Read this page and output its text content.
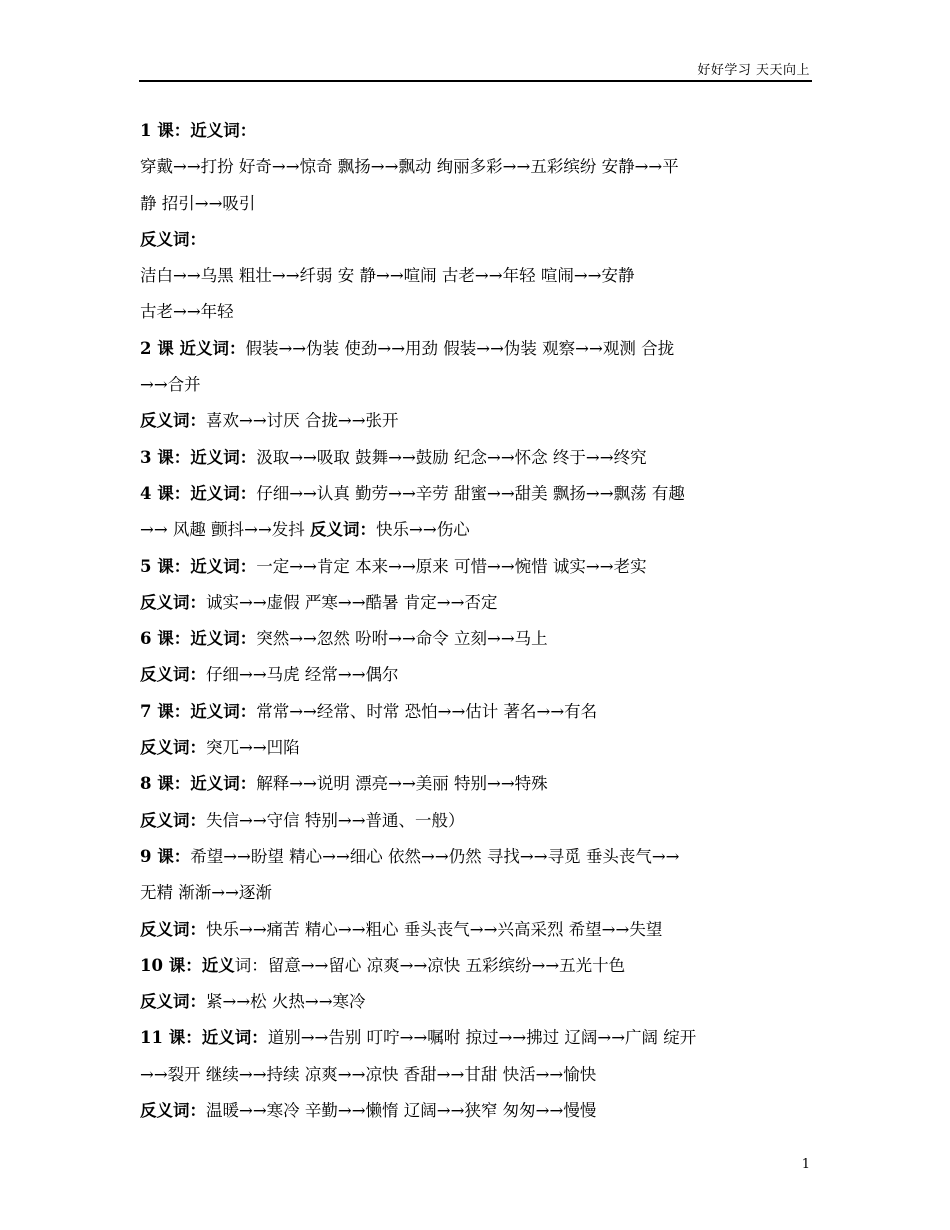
好好学习 天天向上
1 课：近义词：
穿戴→→打扮 好奇→→惊奇 飘扬→→飘动 绚丽多彩→→五彩缤纷 安静→→平
静 招引→→吸引
反义词：
洁白→→乌黑 粗壮→→纤弱 安 静→→喧闹 古老→→年轻 喧闹→→安静
古老→→年轻
2 课 近义词：假装→→伪装 使劲→→用劲 假装→→伪装 观察→→观测 合拢
→→合并
反义词：喜欢→→讨厌 合拢→→张开
3 课：近义词：汲取→→吸取 鼓舞→→鼓励 纪念→→怀念 终于→→终究
4 课：近义词：仔细→→认真 勤劳→→辛劳 甜蜜→→甜美 飘扬→→飘荡 有趣
→→ 风趣 颤抖→→发抖 反义词：快乐→→伤心
5 课：近义词：一定→→肯定 本来→→原来 可惜→→惋惜 诚实→→老实
反义词：诚实→→虚假 严寒→→酷暑 肯定→→否定
6 课：近义词：突然→→忽然 吩咐→→命令 立刻→→马上
反义词：仔细→→马虎 经常→→偶尔
7 课：近义词：常常→→经常、时常 恐怕→→估计 著名→→有名
反义词：突兀→→凹陷
8 课：近义词：解释→→说明 漂亮→→美丽 特别→→特殊
反义词：失信→→守信 特别→→普通、一般）
9 课：希望→→盼望 精心→→细心 依然→→仍然 寻找→→寻觅 垂头丧气→→
无精 渐渐→→逐渐
反义词：快乐→→痛苦 精心→→粗心 垂头丧气→→兴高采烈 希望→→失望
10 课：近义词：留意→→留心 凉爽→→凉快 五彩缤纷→→五光十色
反义词：紧→→松 火热→→寒冷
11 课：近义词：道别→→告别 叮咛→→嘱咐 掠过→→拂过 辽阔→→广阔 绽开
→→裂开 继续→→持续 凉爽→→凉快 香甜→→甘甜 快活→→愉快
反义词：温暖→→寒冷 辛勤→→懒惰 辽阔→→狭窄 匆匆→→慢慢
1
